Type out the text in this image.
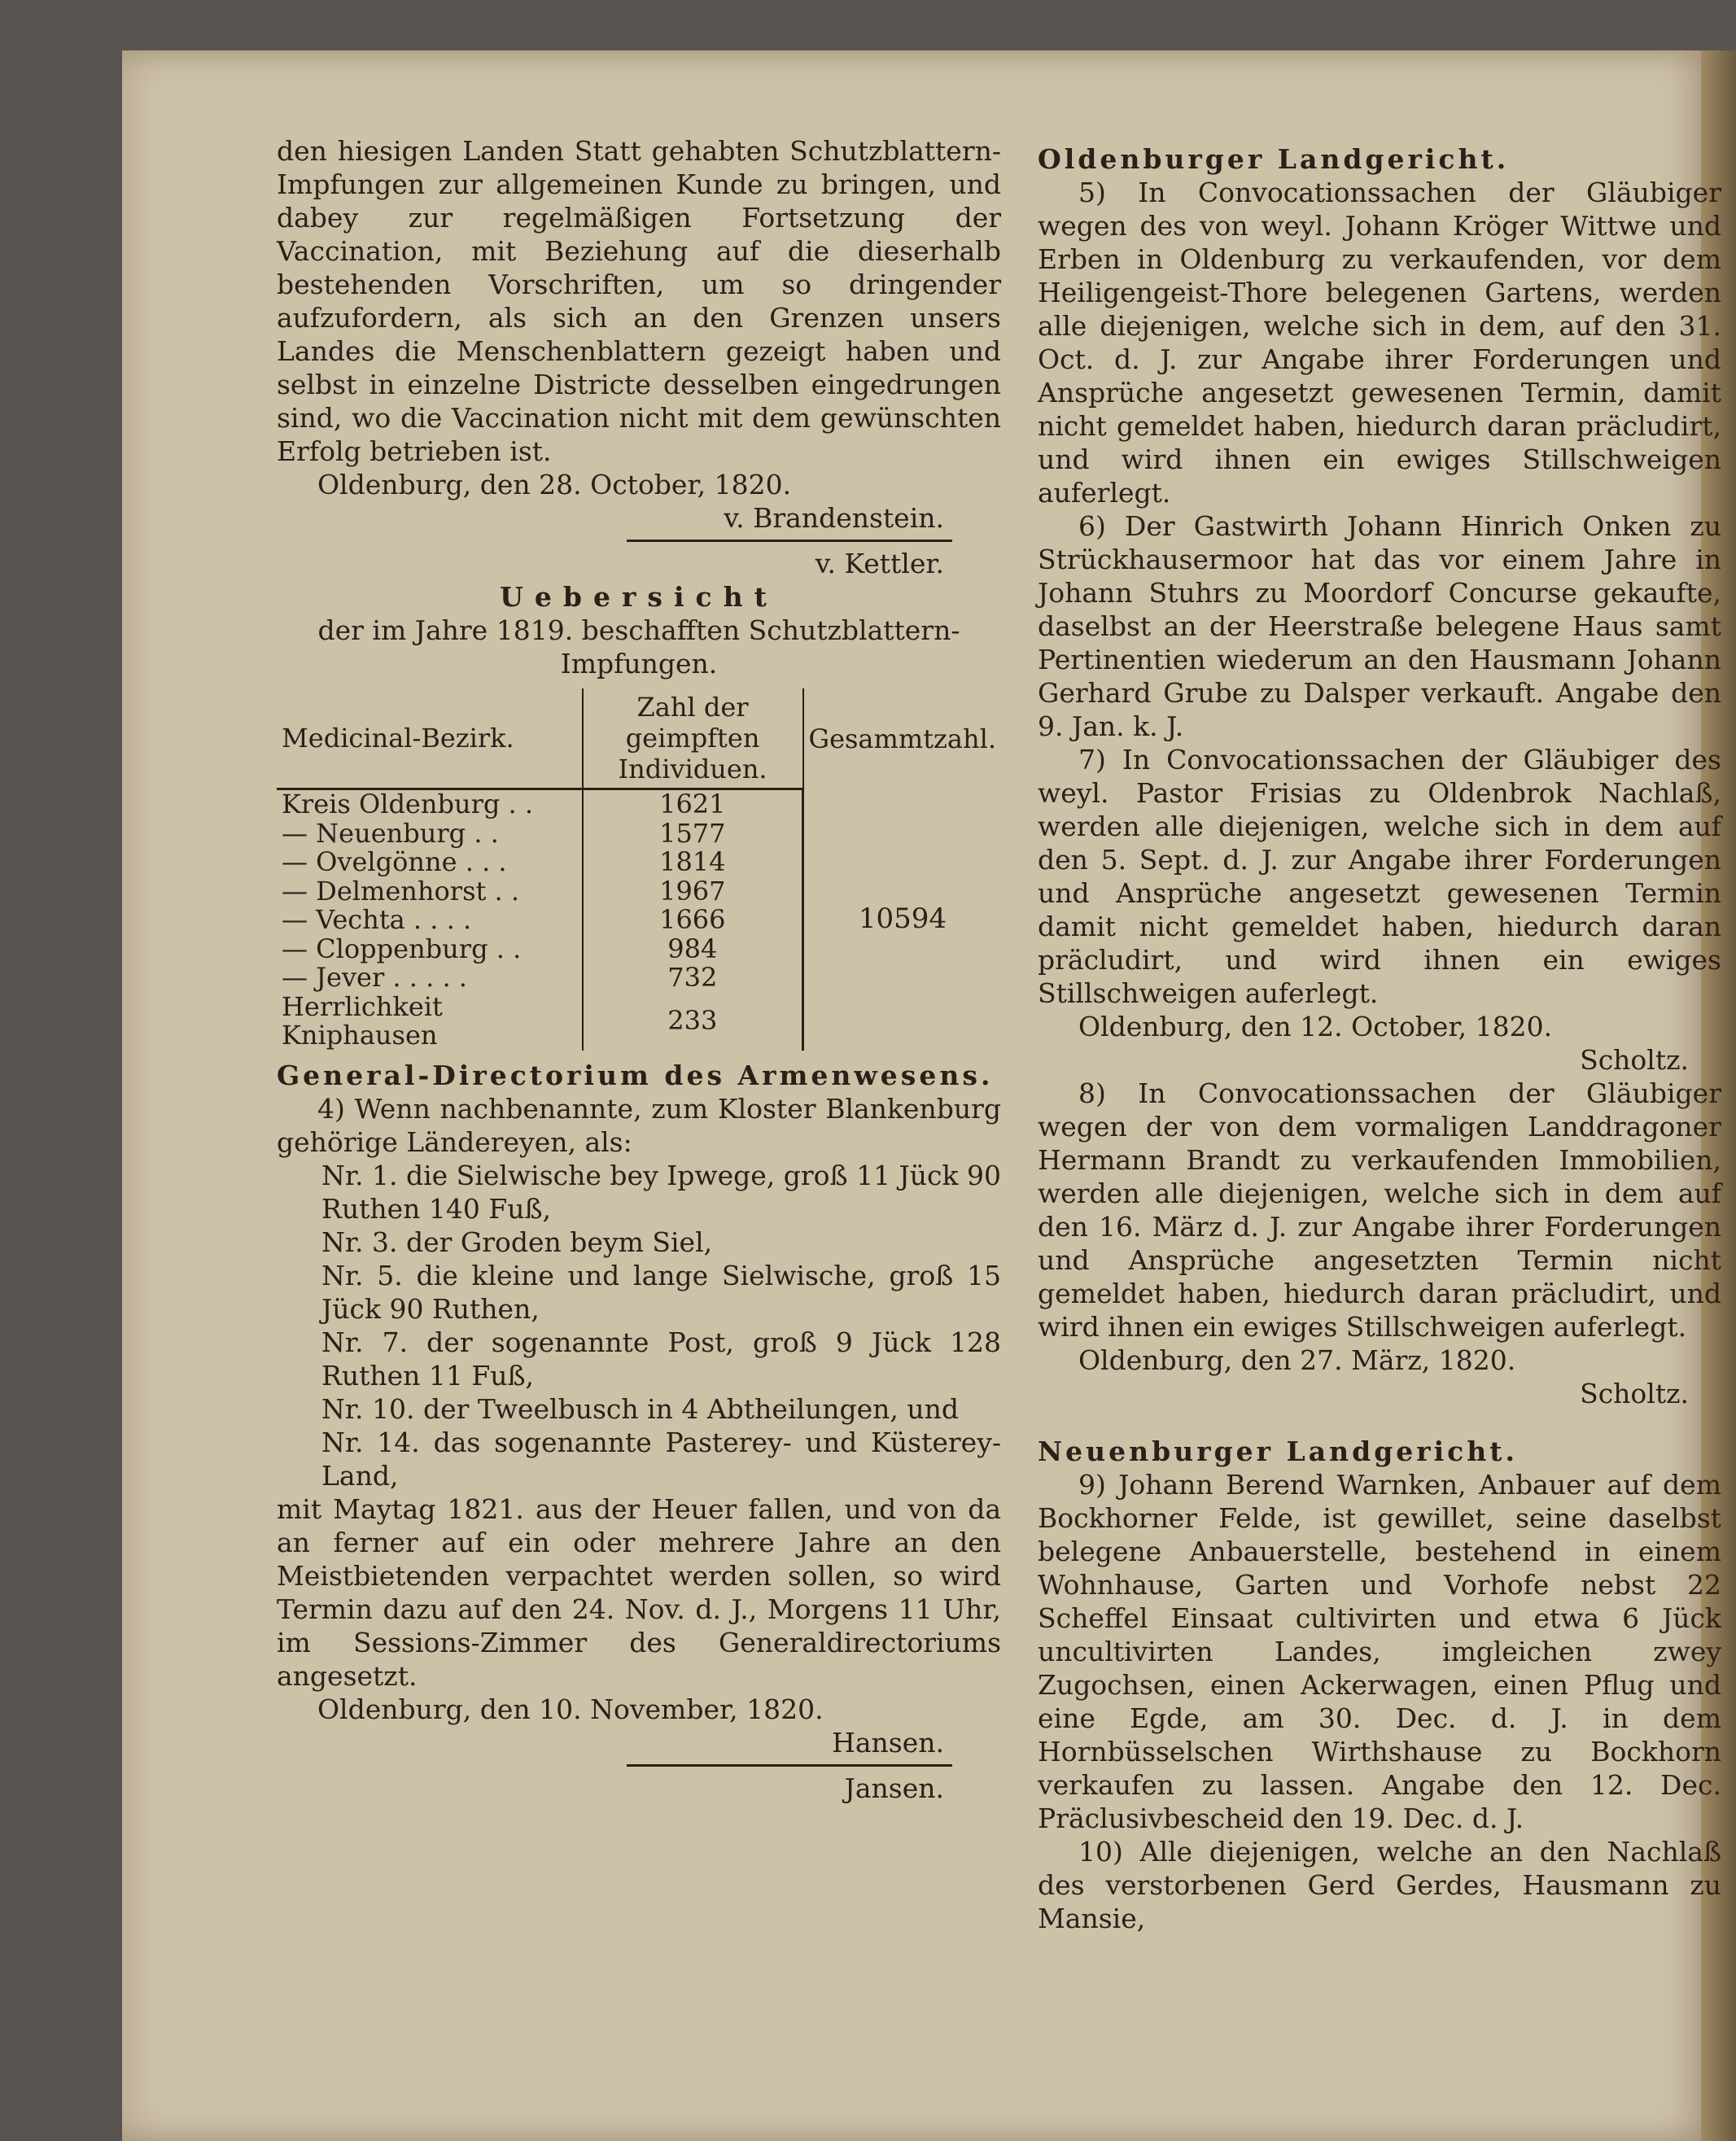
den hiesigen Landen Statt gehabten Schutzblattern-Impfungen zur allgemeinen Kunde zu bringen, und dabey zur regelmäßigen Fortsetzung der Vaccination, mit Beziehung auf die dieserhalb bestehenden Vorschriften, um so dringender aufzufordern, als sich an den Grenzen unsers Landes die Menschenblattern gezeigt haben und selbst in einzelne Districte desselben eingedrungen sind, wo die Vaccination nicht mit dem gewünschten Erfolg betrieben ist.

Oldenburg, den 28. October, 1820.

v. Brandenstein.

v. Kettler.

Uebersicht

der im Jahre 1819. beschafften Schutzblattern-Impfungen.

Medicinal-Bezirk.	Zahl der geimpften Individuen.	Gesammtzahl.
Kreis Oldenburg . .	1621	10594
— Neuenburg . .	1577	
— Ovelgönne . . .	1814	
— Delmenhorst . .	1967	
— Vechta . . . .	1666	
— Cloppenburg . .	984	
— Jever . . . . .	732	
Herrlichkeit Kniphausen	233	

General-Directorium des Armenwesens.

4) Wenn nachbenannte, zum Kloster Blankenburg gehörige Ländereyen, als:

Nr. 1. die Sielwische bey Ipwege, groß 11 Jück 90 Ruthen 140 Fuß,

Nr. 3. der Groden beym Siel,

Nr. 5. die kleine und lange Sielwische, groß 15 Jück 90 Ruthen,

Nr. 7. der sogenannte Post, groß 9 Jück 128 Ruthen 11 Fuß,

Nr. 10. der Tweelbusch in 4 Abtheilungen, und

Nr. 14. das sogenannte Pasterey- und Küsterey-Land,

mit Maytag 1821. aus der Heuer fallen, und von da an ferner auf ein oder mehrere Jahre an den Meistbietenden verpachtet werden sollen, so wird Termin dazu auf den 24. Nov. d. J., Morgens 11 Uhr, im Sessions-Zimmer des Generaldirectoriums angesetzt.

Oldenburg, den 10. November, 1820.

Hansen.

Jansen.

Oldenburger Landgericht.

5) In Convocationssachen der Gläubiger wegen des von weyl. Johann Kröger Wittwe und Erben in Oldenburg zu verkaufenden, vor dem Heiligengeist-Thore belegenen Gartens, werden alle diejenigen, welche sich in dem, auf den 31. Oct. d. J. zur Angabe ihrer Forderungen und Ansprüche angesetzt gewesenen Termin, damit nicht gemeldet haben, hiedurch daran präcludirt, und wird ihnen ein ewiges Stillschweigen auferlegt.

6) Der Gastwirth Johann Hinrich Onken zu Strückhausermoor hat das vor einem Jahre in Johann Stuhrs zu Moordorf Concurse gekaufte, daselbst an der Heerstraße belegene Haus samt Pertinentien wiederum an den Hausmann Johann Gerhard Grube zu Dalsper verkauft. Angabe den 9. Jan. k. J.

7) In Convocationssachen der Gläubiger des weyl. Pastor Frisias zu Oldenbrok Nachlaß, werden alle diejenigen, welche sich in dem auf den 5. Sept. d. J. zur Angabe ihrer Forderungen und Ansprüche angesetzt gewesenen Termin damit nicht gemeldet haben, hiedurch daran präcludirt, und wird ihnen ein ewiges Stillschweigen auferlegt.

Oldenburg, den 12. October, 1820.

Scholtz.

8) In Convocationssachen der Gläubiger wegen der von dem vormaligen Landdragoner Hermann Brandt zu verkaufenden Immobilien, werden alle diejenigen, welche sich in dem auf den 16. März d. J. zur Angabe ihrer Forderungen und Ansprüche angesetzten Termin nicht gemeldet haben, hiedurch daran präcludirt, und wird ihnen ein ewiges Stillschweigen auferlegt.

Oldenburg, den 27. März, 1820.

Scholtz.

Neuenburger Landgericht.

9) Johann Berend Warnken, Anbauer auf dem Bockhorner Felde, ist gewillet, seine daselbst belegene Anbauerstelle, bestehend in einem Wohnhause, Garten und Vorhofe nebst 22 Scheffel Einsaat cultivirten und etwa 6 Jück uncultivirten Landes, imgleichen zwey Zugochsen, einen Ackerwagen, einen Pflug und eine Egde, am 30. Dec. d. J. in dem Hornbüsselschen Wirthshause zu Bockhorn verkaufen zu lassen. Angabe den 12. Dec. Präclusivbescheid den 19. Dec. d. J.

10) Alle diejenigen, welche an den Nachlaß des verstorbenen Gerd Gerdes, Hausmann zu Mansie,
